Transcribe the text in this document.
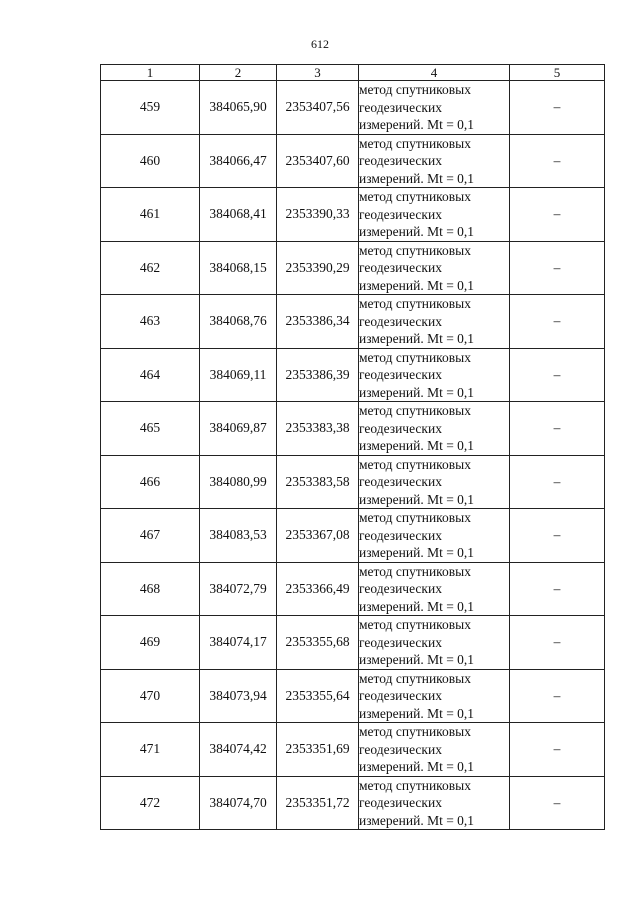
612
1	2	3	4	5
459	384065,90	2353407,56	метод спутниковых
геодезических
измерений. Mt = 0,1	–
460	384066,47	2353407,60	метод спутниковых
геодезических
измерений. Mt = 0,1	–
461	384068,41	2353390,33	метод спутниковых
геодезических
измерений. Mt = 0,1	–
462	384068,15	2353390,29	метод спутниковых
геодезических
измерений. Mt = 0,1	–
463	384068,76	2353386,34	метод спутниковых
геодезических
измерений. Mt = 0,1	–
464	384069,11	2353386,39	метод спутниковых
геодезических
измерений. Mt = 0,1	–
465	384069,87	2353383,38	метод спутниковых
геодезических
измерений. Mt = 0,1	–
466	384080,99	2353383,58	метод спутниковых
геодезических
измерений. Mt = 0,1	–
467	384083,53	2353367,08	метод спутниковых
геодезических
измерений. Mt = 0,1	–
468	384072,79	2353366,49	метод спутниковых
геодезических
измерений. Mt = 0,1	–
469	384074,17	2353355,68	метод спутниковых
геодезических
измерений. Mt = 0,1	–
470	384073,94	2353355,64	метод спутниковых
геодезических
измерений. Mt = 0,1	–
471	384074,42	2353351,69	метод спутниковых
геодезических
измерений. Mt = 0,1	–
472	384074,70	2353351,72	метод спутниковых
геодезических
измерений. Mt = 0,1	–
